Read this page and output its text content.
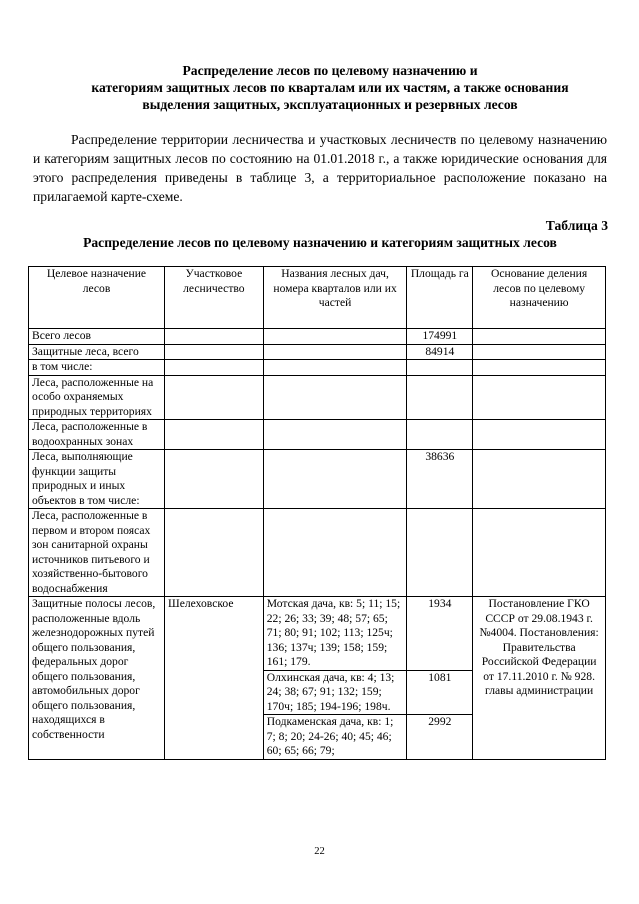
Распределение лесов по целевому назначению и
категориям защитных лесов по кварталам или их частям, а также основания
выделения защитных, эксплуатационных и резервных лесов
Распределение территории лесничества и участковых лесничеств по целевому назначению и категориям защитных лесов по состоянию на 01.01.2018 г., а также юридические основания для этого распределения приведены в таблице 3, а территориальное расположение показано на прилагаемой карте-схеме.
Таблица 3
Распределение лесов по целевому назначению и категориям защитных лесов
Целевое назначение лесов	Участковое лесничество	Названия лесных дач, номера кварталов или их частей	Площадь га	Основание деления лесов по целевому назначению
Всего лесов			174991	
Защитные леса, всего			84914	
в том числе:				
Леса, расположенные на особо охраняемых природных территориях				
Леса, расположенные в водоохранных зонах				
Леса, выполняющие функции защиты природных и иных объектов в том числе:			38636	
Леса, расположенные в первом и втором поясах зон санитарной охраны источников питьевого и хозяйственно-бытового водоснабжения				
Защитные полосы лесов, расположенные вдоль железнодорожных путей общего пользования, федеральных дорог общего пользования, автомобильных дорог общего пользования, находящихся в собственности	Шелеховское	Мотская дача, кв: 5; 11; 15; 22; 26; 33; 39; 48; 57; 65; 71; 80; 91; 102; 113; 125ч; 136; 137ч; 139; 158; 159; 161; 179.	1934	Постановление ГКО СССР от 29.08.1943 г. №4004. Постановления: Правительства Российской Федерации от 17.11.2010 г. № 928. главы администрации
		Олхинская дача, кв: 4; 13; 24; 38; 67; 91; 132; 159; 170ч; 185; 194-196; 198ч.	1081	
		Подкаменская дача, кв: 1; 7; 8; 20; 24-26; 40; 45; 46; 60; 65; 66; 79;	2992	
22
